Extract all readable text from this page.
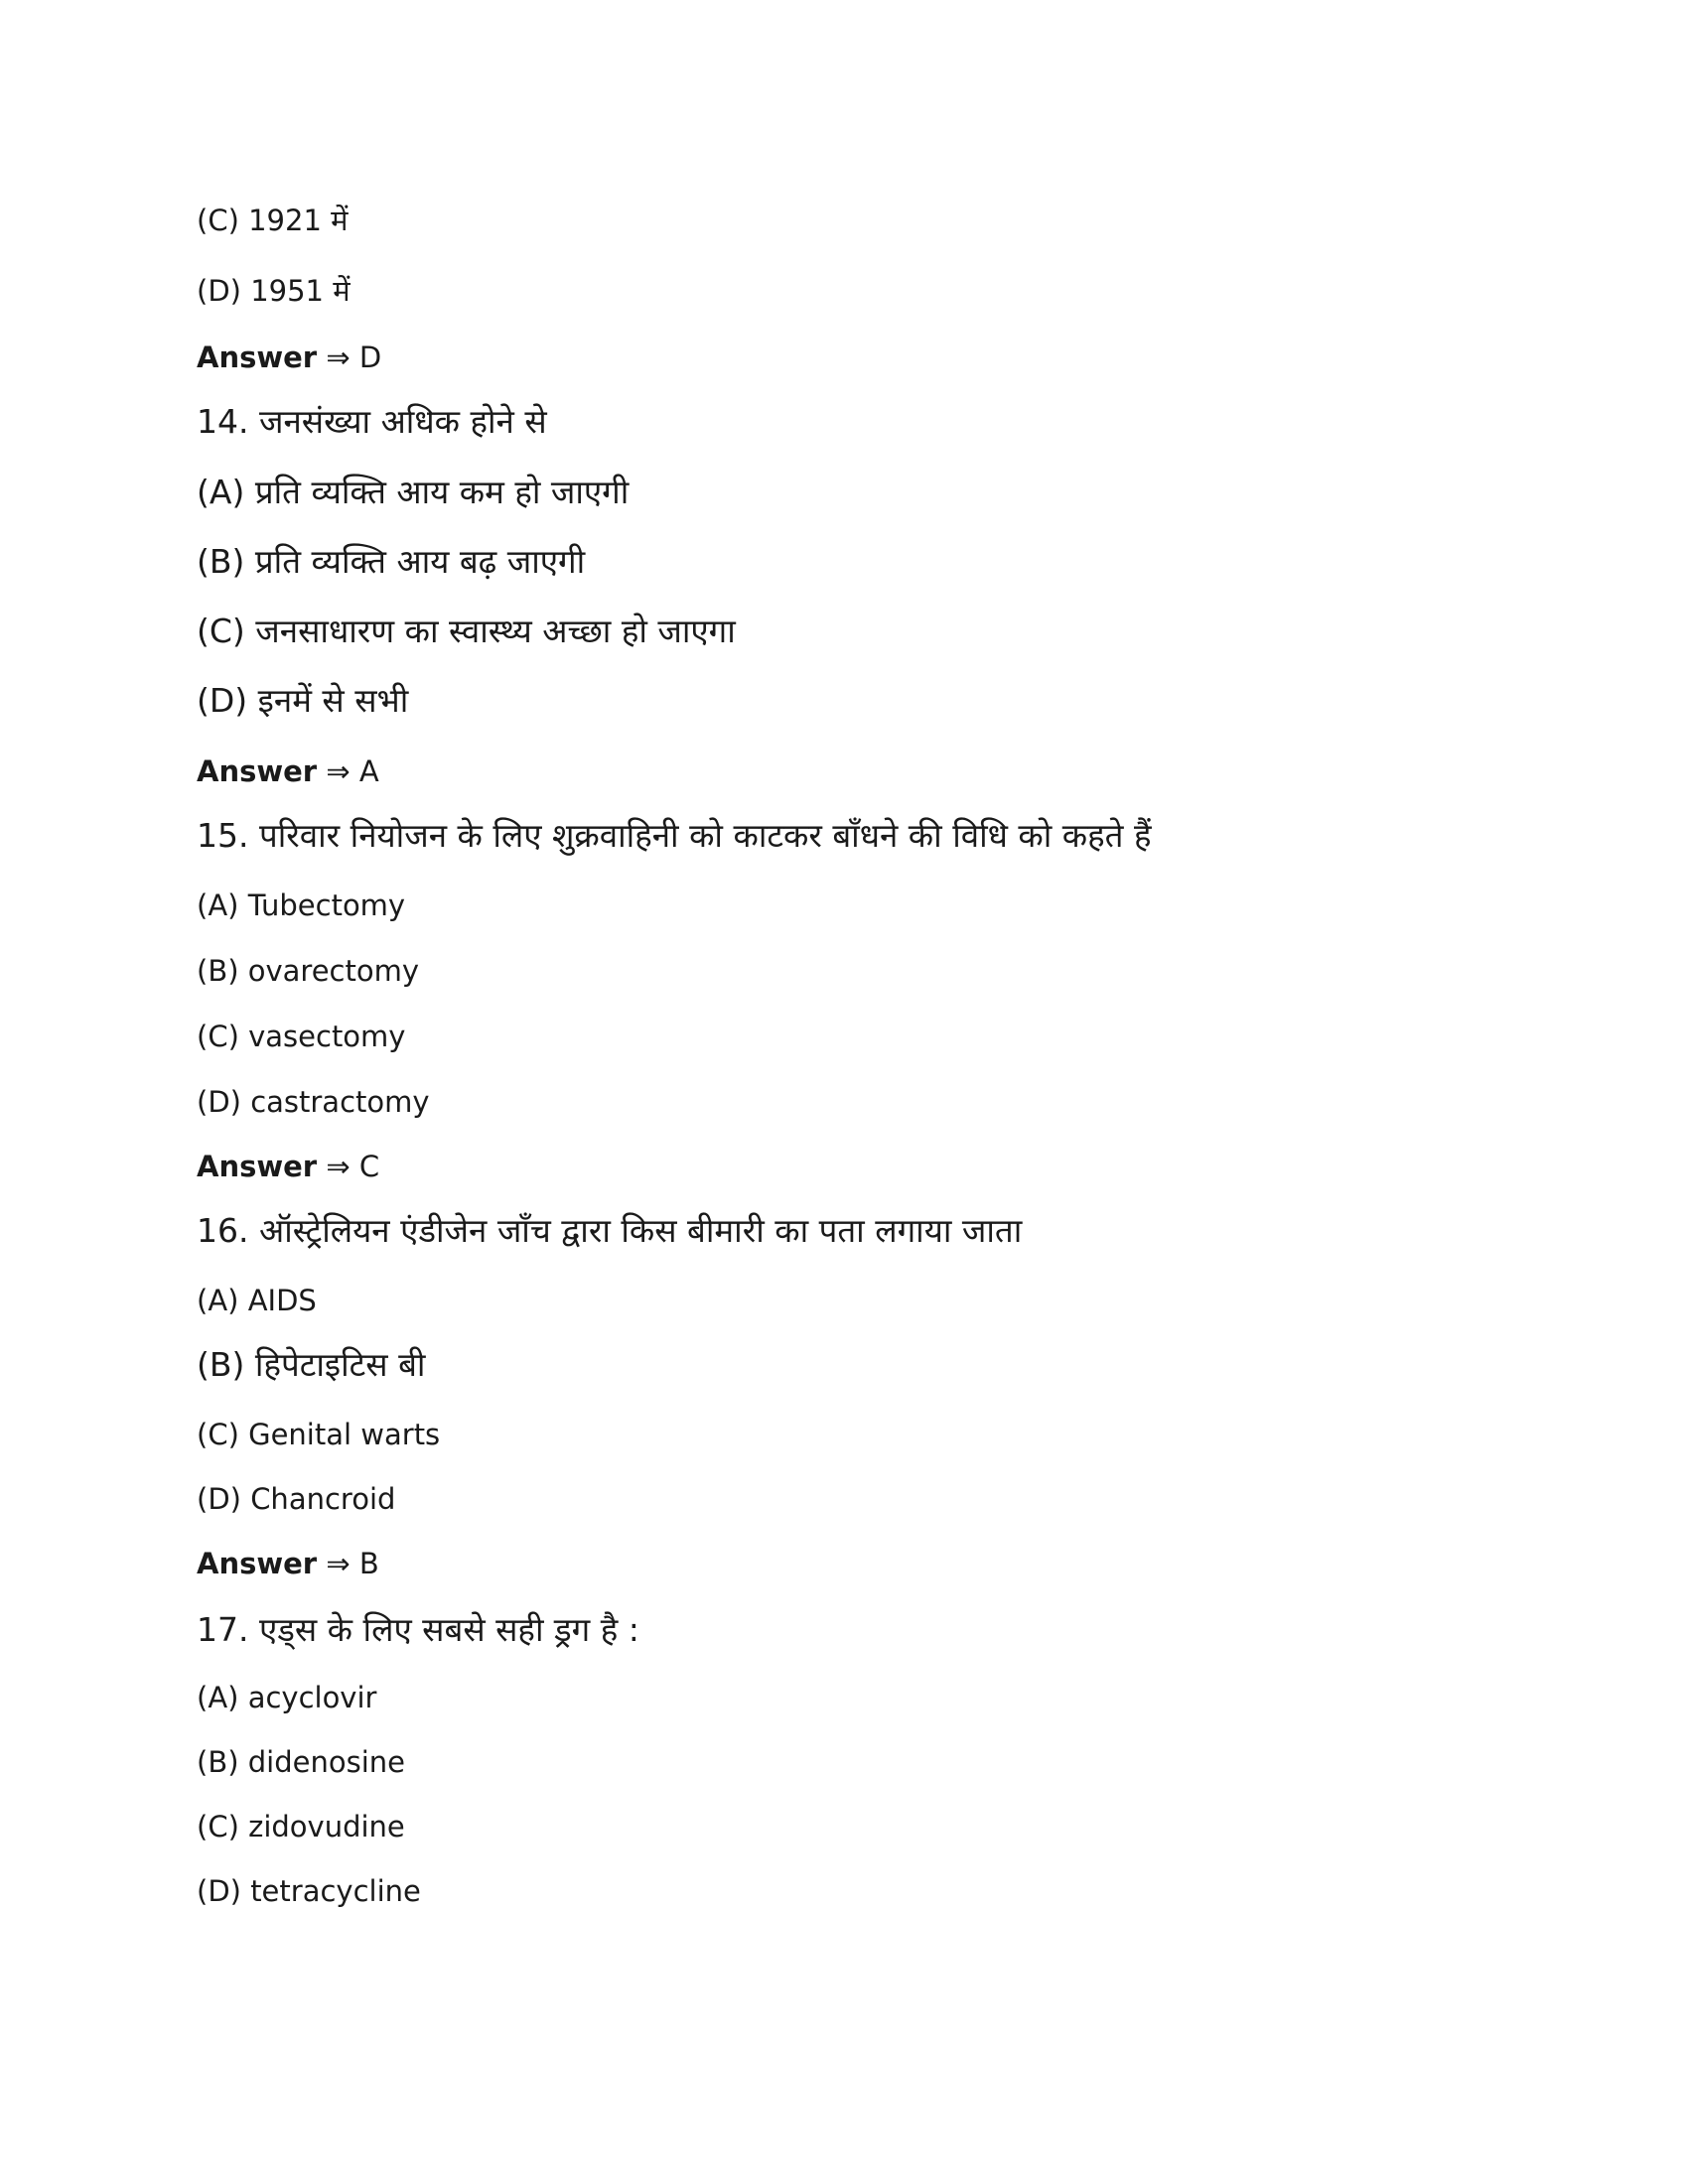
(C) 1921 में
(D) 1951 में
Answer ⇒ D
14. जनसंख्या अधिक होने से
(A) प्रति व्यक्ति आय कम हो जाएगी
(B) प्रति व्यक्ति आय बढ़ जाएगी
(C) जनसाधारण का स्वास्थ्य अच्छा हो जाएगा
(D) इनमें से सभी
Answer ⇒ A
15. परिवार नियोजन के लिए शुक्रवाहिनी को काटकर बाँधने की विधि को कहते हैं
(A) Tubectomy
(B) ovarectomy
(C) vasectomy
(D) castractomy
Answer ⇒ C
16. ऑस्ट्रेलियन एंडीजेन जाँच द्वारा किस बीमारी का पता लगाया जाता
(A) AIDS
(B) हिपेटाइटिस बी
(C) Genital warts
(D) Chancroid
Answer ⇒ B
17. एड्स के लिए सबसे सही ड्रग है :
(A) acyclovir
(B) didenosine
(C) zidovudine
(D) tetracycline
